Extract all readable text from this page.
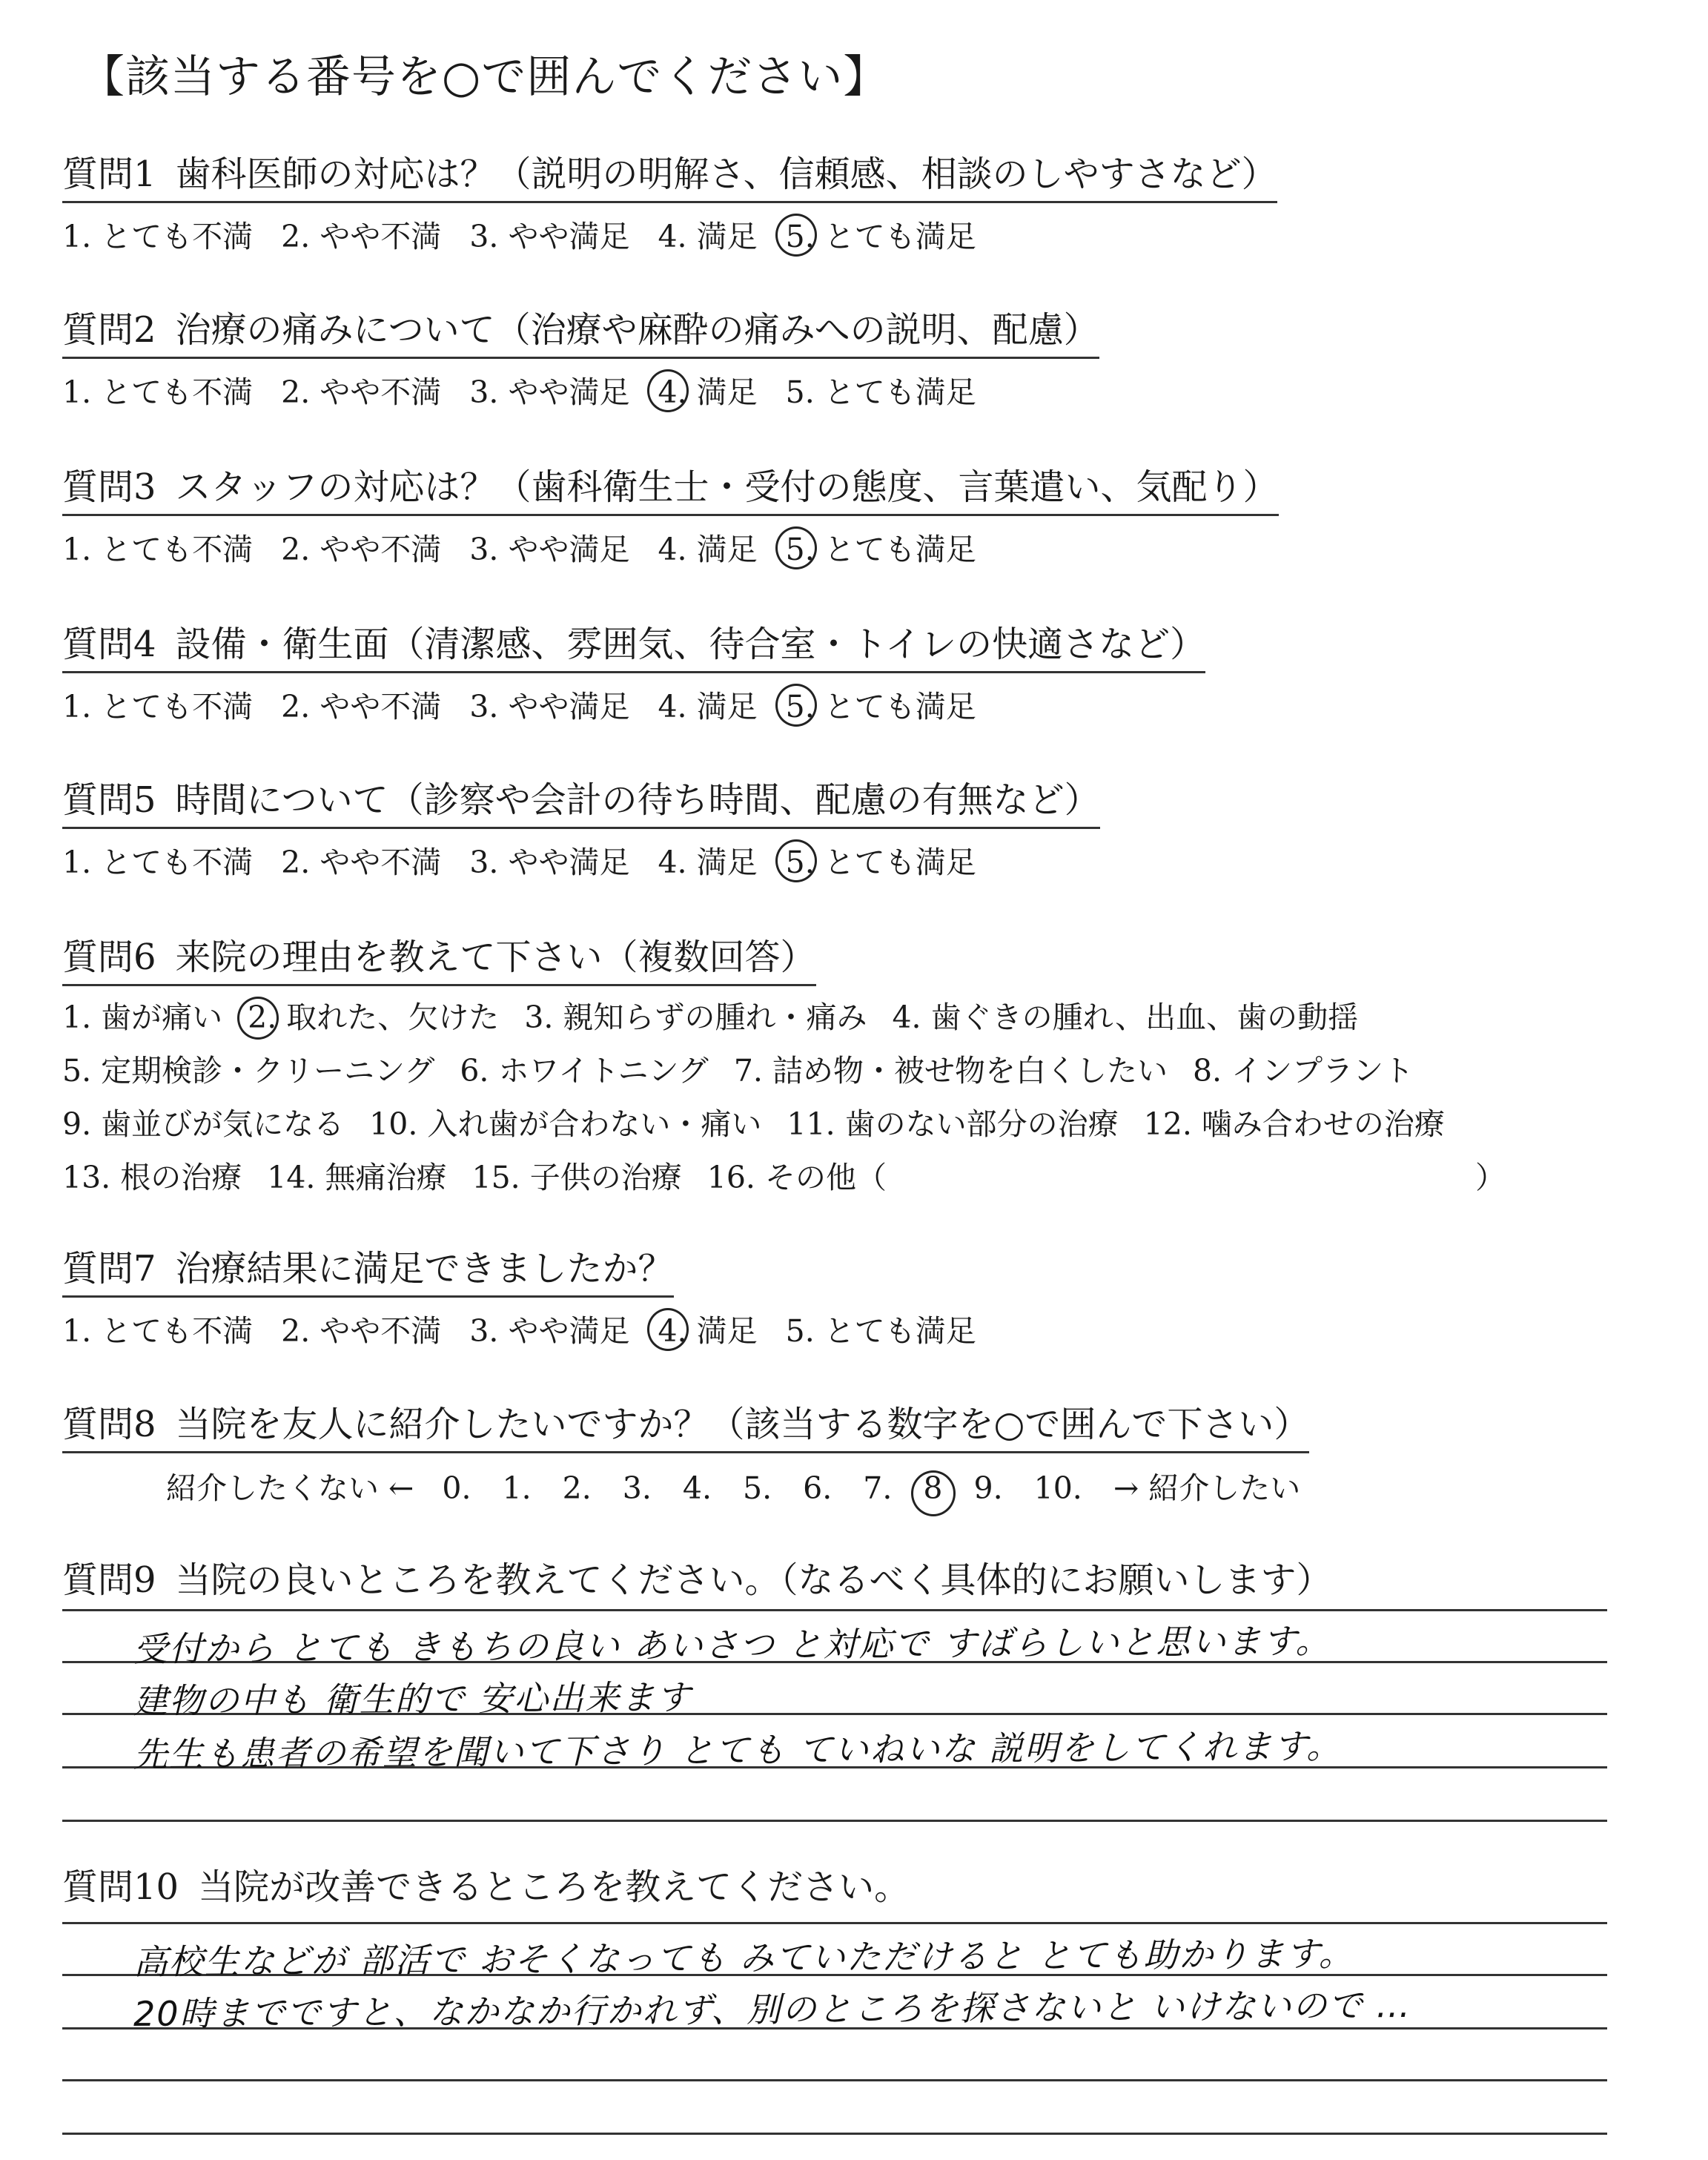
【該当する番号を○で囲んでください】
質問1 歯科医師の対応は？（説明の明解さ、信頼感、相談のしやすさなど）
1. とても不満 2. やや不満 3. やや満足 4. 満足 5. とても満足
質問2 治療の痛みについて（治療や麻酔の痛みへの説明、配慮）
1. とても不満 2. やや不満 3. やや満足 4. 満足 5. とても満足
質問3 スタッフの対応は？（歯科衛生士・受付の態度、言葉遣い、気配り）
1. とても不満 2. やや不満 3. やや満足 4. 満足 5. とても満足
質問4 設備・衛生面（清潔感、雰囲気、待合室・トイレの快適さなど）
1. とても不満 2. やや不満 3. やや満足 4. 満足 5. とても満足
質問5 時間について（診察や会計の待ち時間、配慮の有無など）
1. とても不満 2. やや不満 3. やや満足 4. 満足 5. とても満足
質問6 来院の理由を教えて下さい（複数回答）
1. 歯が痛い 2. 取れた、欠けた 3. 親知らずの腫れ・痛み 4. 歯ぐきの腫れ、出血、歯の動揺
5. 定期検診・クリーニング 6. ホワイトニング 7. 詰め物・被せ物を白くしたい 8. インプラント
9. 歯並びが気になる 10. 入れ歯が合わない・痛い 11. 歯のない部分の治療 12. 噛み合わせの治療
13. 根の治療 14. 無痛治療 15. 子供の治療 16. その他（	）
質問7 治療結果に満足できましたか？
1. とても不満 2. やや不満 3. やや満足 4. 満足 5. とても満足
質問8 当院を友人に紹介したいですか？（該当する数字を○で囲んで下さい）
紹介したくない ← 0. 1. 2. 3. 4. 5. 6. 7. 8 9. 10. → 紹介したい
質問9 当院の良いところを教えてください。（なるべく具体的にお願いします）
受付から とても きもちの良い あいさつ と対応で すばらしいと思います。
建物の中も 衛生的で 安心出来ます
先生も患者の希望を聞いて下さり とても ていねいな 説明をしてくれます。
質問10 当院が改善できるところを教えてください。
高校生などが 部活で おそくなっても みていただけると とても助かります。
20時までですと、なかなか行かれず、別のところを探さないと いけないので …
